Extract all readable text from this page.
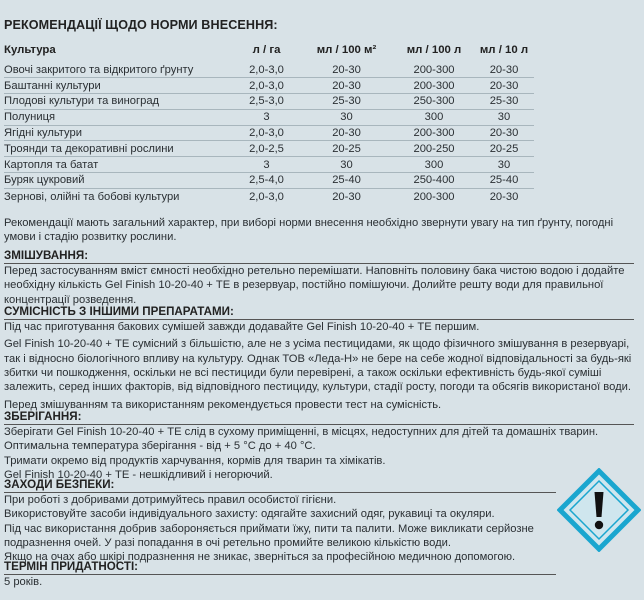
РЕКОМЕНДАЦІЇ ЩОДО НОРМИ ВНЕСЕННЯ:
Культура	л / га	мл / 100 м²	мл / 100 л	мл / 10 л
Овочі закритого та відкритого ґрунту	2,0-3,0	20-30	200-300	20-30
Баштанні культури	2,0-3,0	20-30	200-300	20-30
Плодові культури та виноград	2,5-3,0	25-30	250-300	25-30
Полуниця	3	30	300	30
Ягідні культури	2,0-3,0	20-30	200-300	20-30
Троянди та декоративні рослини	2,0-2,5	20-25	200-250	20-25
Картопля та батат	3	30	300	30
Буряк цукровий	2,5-4,0	25-40	250-400	25-40
Зернові, олійні та бобові культури	2,0-3,0	20-30	200-300	20-30
Рекомендації мають загальний характер, при виборі норми внесення необхідно звернути увагу на тип ґрунту, погодні умови і стадію розвитку рослини.
ЗМІШУВАННЯ:
Перед застосуванням вміст ємності необхідно ретельно перемішати. Наповніть половину бака чистою водою і додайте необхідну кількість Gel Finish 10-20-40 + ТЕ в резервуар, постійно помішуючи. Долийте решту води для правильної концентрації розведення.
СУМІСНІСТЬ З ІНШИМИ ПРЕПАРАТАМИ:
Під час приготування бакових сумішей завжди додавайте Gel Finish 10-20-40 + ТЕ першим.
Gel Finish 10-20-40 + ТЕ сумісний з більшістю, але не з усіма пестицидами, як щодо фізичного змішування в резервуарі, так і відносно біологічного впливу на культуру. Однак ТОВ «Леда-Н» не бере на себе жодної відповідальності за будь-які збитки чи пошкодження, оскільки не всі пестициди були перевірені, а також оскільки ефективність будь-якої суміші залежить, серед інших факторів, від відповідного пестициду, культури, стадії росту, погоди та обсягів використаної води.
Перед змішуванням та використанням рекомендується провести тест на сумісність.
ЗБЕРІГАННЯ:
Зберігати Gel Finish 10-20-40 + ТЕ слід в сухому приміщенні, в місцях, недоступних для дітей та домашніх тварин.
Оптимальна температура зберігання - від + 5 °С до + 40 °С.
Тримати окремо від продуктів харчування, кормів для тварин та хімікатів.
Gel Finish 10-20-40 + ТЕ - нешкідливий і негорючий.
ЗАХОДИ БЕЗПЕКИ:
При роботі з добривами дотримуйтесь правил особистої гігієни.
Використовуйте засоби індивідуального захисту: одягайте захисний одяг, рукавиці та окуляри.
Під час використання добрив забороняється приймати їжу, пити та палити. Може викликати серйозне подразнення очей. У разі попадання в очі ретельно промийте великою кількістю води.
Якщо на очах або шкірі подразнення не зникає, зверніться за професійною медичною допомогою.
ТЕРМІН ПРИДАТНОСТІ:
5 років.
